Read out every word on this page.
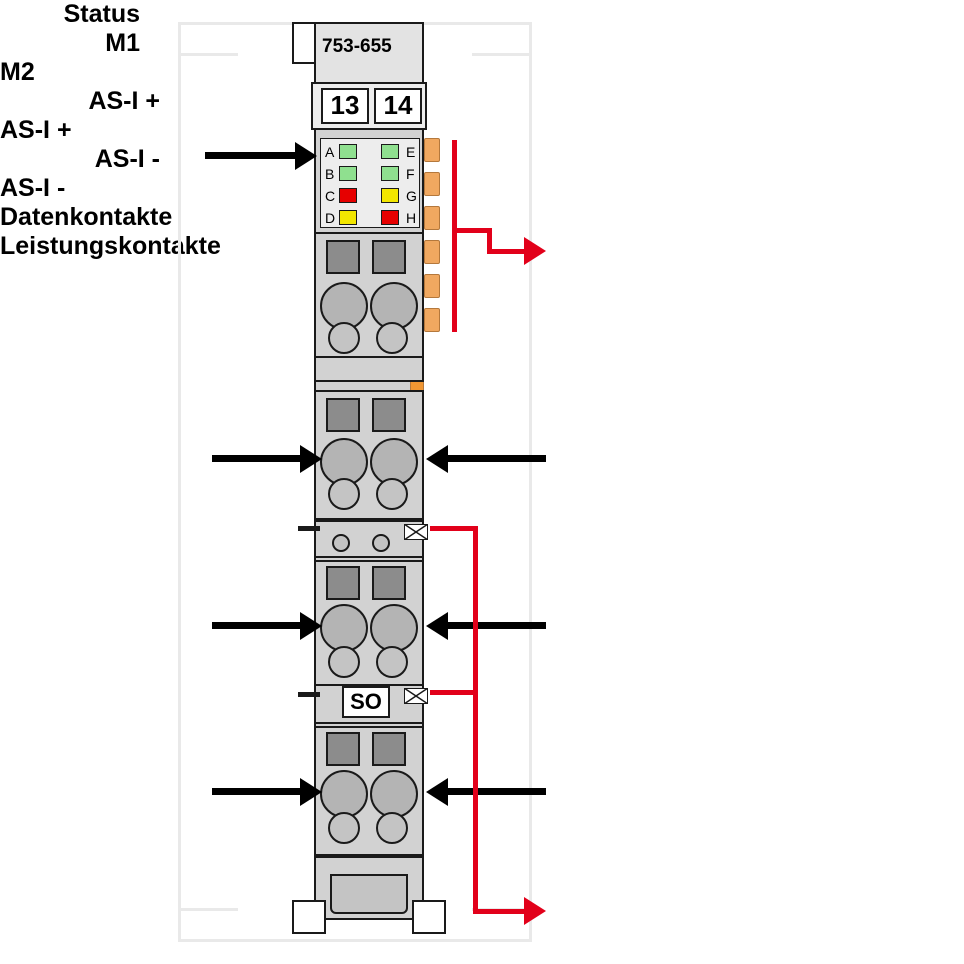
753-655
13 14
A
B
C
D
E
F
G
H
SO
Status
M1
M2
AS-I +
AS-I +
AS-I -
AS-I -
Datenkontakte
Leistungskontakte
